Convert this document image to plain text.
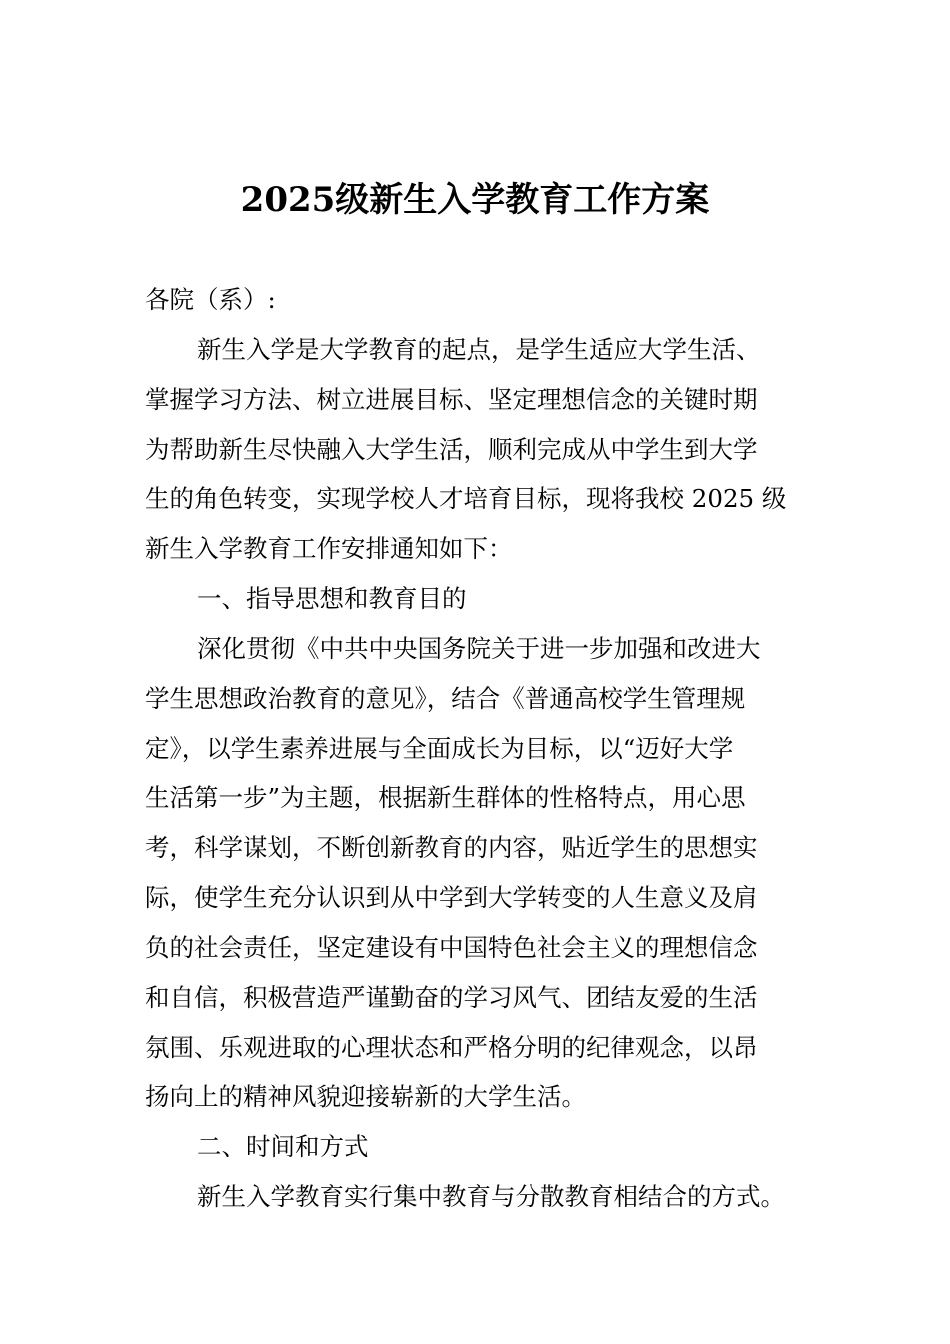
2025级新生入学教育工作方案
各院（系）:
新生入学是大学教育的起点，是学生适应大学生活、
掌握学习方法、树立进展目标、坚定理想信念的关键时期
为帮助新生尽快融入大学生活，顺利完成从中学生到大学
生的角色转变，实现学校人才培育目标，现将我校 2025 级
新生入学教育工作安排通知如下：
一、指导思想和教育目的
深化贯彻《中共中央国务院关于进一步加强和改进大
学生思想政治教育的意见》，结合《普通高校学生管理规
定》，以学生素养进展与全面成长为目标，以“迈好大学
生活第一步”为主题，根据新生群体的性格特点，用心思
考，科学谋划，不断创新教育的内容，贴近学生的思想实
际，使学生充分认识到从中学到大学转变的人生意义及肩
负的社会责任，坚定建设有中国特色社会主义的理想信念
和自信，积极营造严谨勤奋的学习风气、团结友爱的生活
氛围、乐观进取的心理状态和严格分明的纪律观念，以昂
扬向上的精神风貌迎接崭新的大学生活。
二、时间和方式
新生入学教育实行集中教育与分散教育相结合的方式。
